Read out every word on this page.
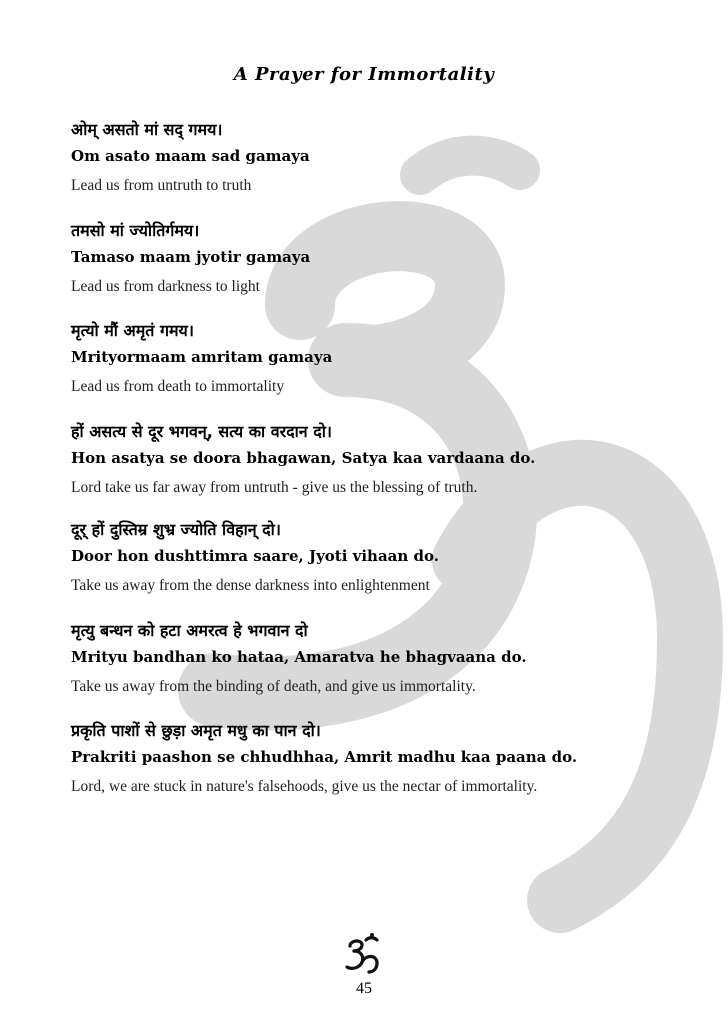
A Prayer for Immortality
ओम् असतो मां सद् गमय।
Om asato maam sad gamaya
Lead us from untruth to truth
तमसो मां ज्योतिर्गमय।
Tamaso maam jyotir gamaya
Lead us from darkness to light
मृत्यो मौं अमृतं गमय।
Mrityormaam amritam gamaya
Lead us from death to immortality
हों असत्य से दूर भगवन्, सत्य का वरदान दो।
Hon asatya se doora bhagawan, Satya kaa vardaana do.
Lord take us far away from untruth - give us the blessing of truth.
दूर् हों दुस्तिम्र शुभ्र ज्योति विहान् दो।
Door hon dushttimra saare, Jyoti vihaan do.
Take us away from the dense darkness into enlightenment
मृत्यु बन्धन को हटा अमरत्व हे भगवान दो
Mrityu bandhan ko hataa, Amaratva he bhagvaana do.
Take us away from the binding of death, and give us immortality.
प्रकृति पाशों से छुड़ा अमृत मधु का पान दो।
Prakriti paashon se chhudhhaa, Amrit madhu kaa paana do.
Lord, we are stuck in nature's falsehoods, give us the nectar of immortality.
45
